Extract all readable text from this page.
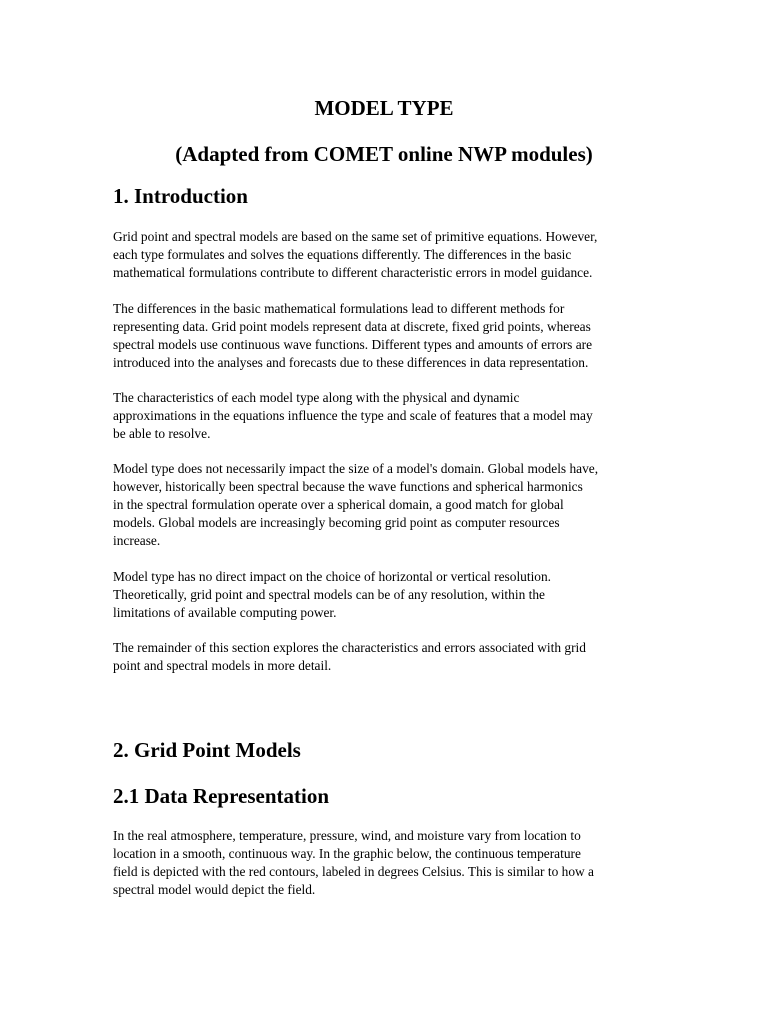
MODEL TYPE
(Adapted from COMET online NWP modules)
1. Introduction

Grid point and spectral models are based on the same set of primitive equations. However,
each type formulates and solves the equations differently. The differences in the basic
mathematical formulations contribute to different characteristic errors in model guidance.

The differences in the basic mathematical formulations lead to different methods for
representing data. Grid point models represent data at discrete, fixed grid points, whereas
spectral models use continuous wave functions. Different types and amounts of errors are
introduced into the analyses and forecasts due to these differences in data representation.

The characteristics of each model type along with the physical and dynamic
approximations in the equations influence the type and scale of features that a model may
be able to resolve.

Model type does not necessarily impact the size of a model's domain. Global models have,
however, historically been spectral because the wave functions and spherical harmonics
in the spectral formulation operate over a spherical domain, a good match for global
models. Global models are increasingly becoming grid point as computer resources
increase.

Model type has no direct impact on the choice of horizontal or vertical resolution.
Theoretically, grid point and spectral models can be of any resolution, within the
limitations of available computing power.

The remainder of this section explores the characteristics and errors associated with grid
point and spectral models in more detail.

2. Grid Point Models
2.1 Data Representation

In the real atmosphere, temperature, pressure, wind, and moisture vary from location to
location in a smooth, continuous way. In the graphic below, the continuous temperature
field is depicted with the red contours, labeled in degrees Celsius. This is similar to how a
spectral model would depict the field.
